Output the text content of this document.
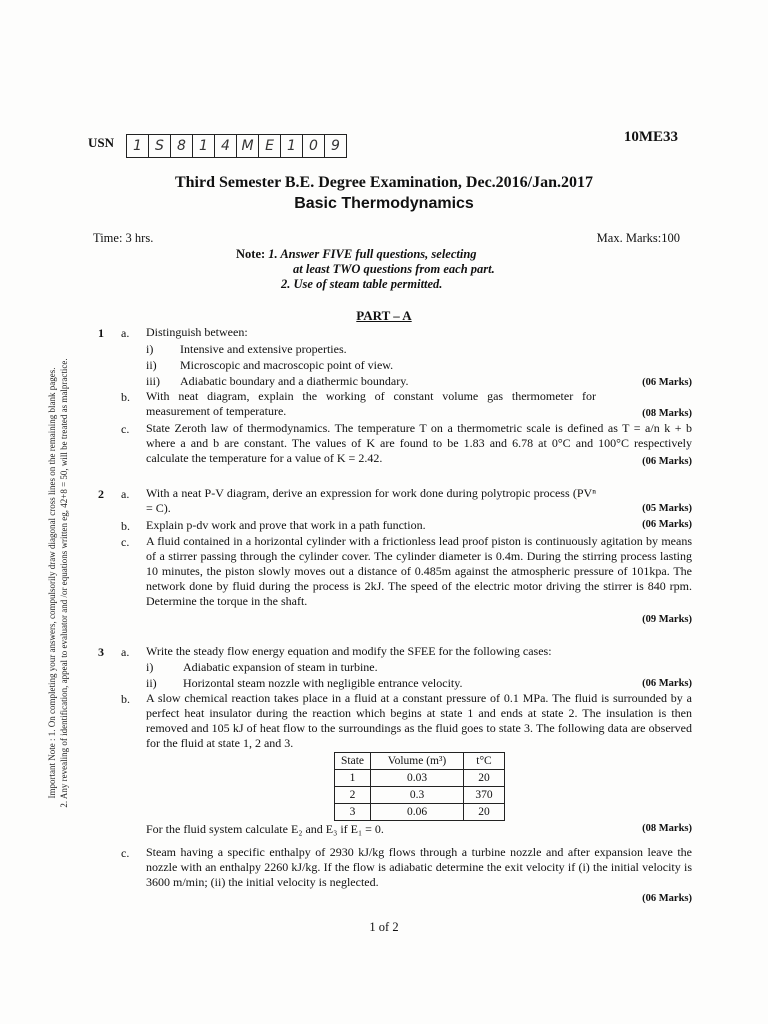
USN	1 S 8 1 4 M E 1 0 9
10ME33
Third Semester B.E. Degree Examination, Dec.2016/Jan.2017
Basic Thermodynamics
Time: 3 hrs.	Max. Marks:100
Note: 1. Answer FIVE full questions, selecting
at least TWO questions from each part.
2. Use of steam table permitted.
Important Note : 1. On completing your answers, compulsorily draw diagonal cross lines on the remaining blank pages. 2. Any revealing of identification, appeal to evaluator and /or equations written eg, 42+8 = 50, will be treated as malpractice.
PART – A
1 a. Distinguish between:
i) Intensive and extensive properties.
ii) Microscopic and macroscopic point of view.
iii) Adiabatic boundary and a diathermic boundary.	(06 Marks)
b. With neat diagram, explain the working of constant volume gas thermometer for measurement of temperature.	(08 Marks)
c. State Zeroth law of thermodynamics. The temperature T on a thermometric scale is defined as T = a/n k + b where a and b are constant. The values of K are found to be 1.83 and 6.78 at 0°C and 100°C respectively calculate the temperature for a value of K = 2.42.	(06 Marks)
2 a. With a neat P-V diagram, derive an expression for work done during polytropic process (PVⁿ = C).	(05 Marks)
b. Explain p-dv work and prove that work in a path function.	(06 Marks)
c. A fluid contained in a horizontal cylinder with a frictionless lead proof piston is continuously agitation by means of a stirrer passing through the cylinder cover. The cylinder diameter is 0.4m. During the stirring process lasting 10 minutes, the piston slowly moves out a distance of 0.485m against the atmospheric pressure of 101kpa. The network done by fluid during the process is 2kJ. The speed of the electric motor driving the stirrer is 840 rpm. Determine the torque in the shaft.
(09 Marks)
3 a. Write the steady flow energy equation and modify the SFEE for the following cases:
i) Adiabatic expansion of steam in turbine.
ii) Horizontal steam nozzle with negligible entrance velocity.	(06 Marks)
b. A slow chemical reaction takes place in a fluid at a constant pressure of 0.1 MPa. The fluid is surrounded by a perfect heat insulator during the reaction which begins at state 1 and ends at state 2. The insulation is then removed and 105 kJ of heat flow to the surroundings as the fluid goes to state 3. The following data are observed for the fluid at state 1, 2 and 3.
State	Volume (m³)	t°C
1	0.03	20
2	0.3	370
3	0.06	20
For the fluid system calculate E₂ and E₃ if E₁ = 0.	(08 Marks)
c. Steam having a specific enthalpy of 2930 kJ/kg flows through a turbine nozzle and after expansion leave the nozzle with an enthalpy 2260 kJ/kg. If the flow is adiabatic determine the exit velocity if (i) the initial velocity is 3600 m/min; (ii) the initial velocity is neglected.
(06 Marks)
1 of 2
